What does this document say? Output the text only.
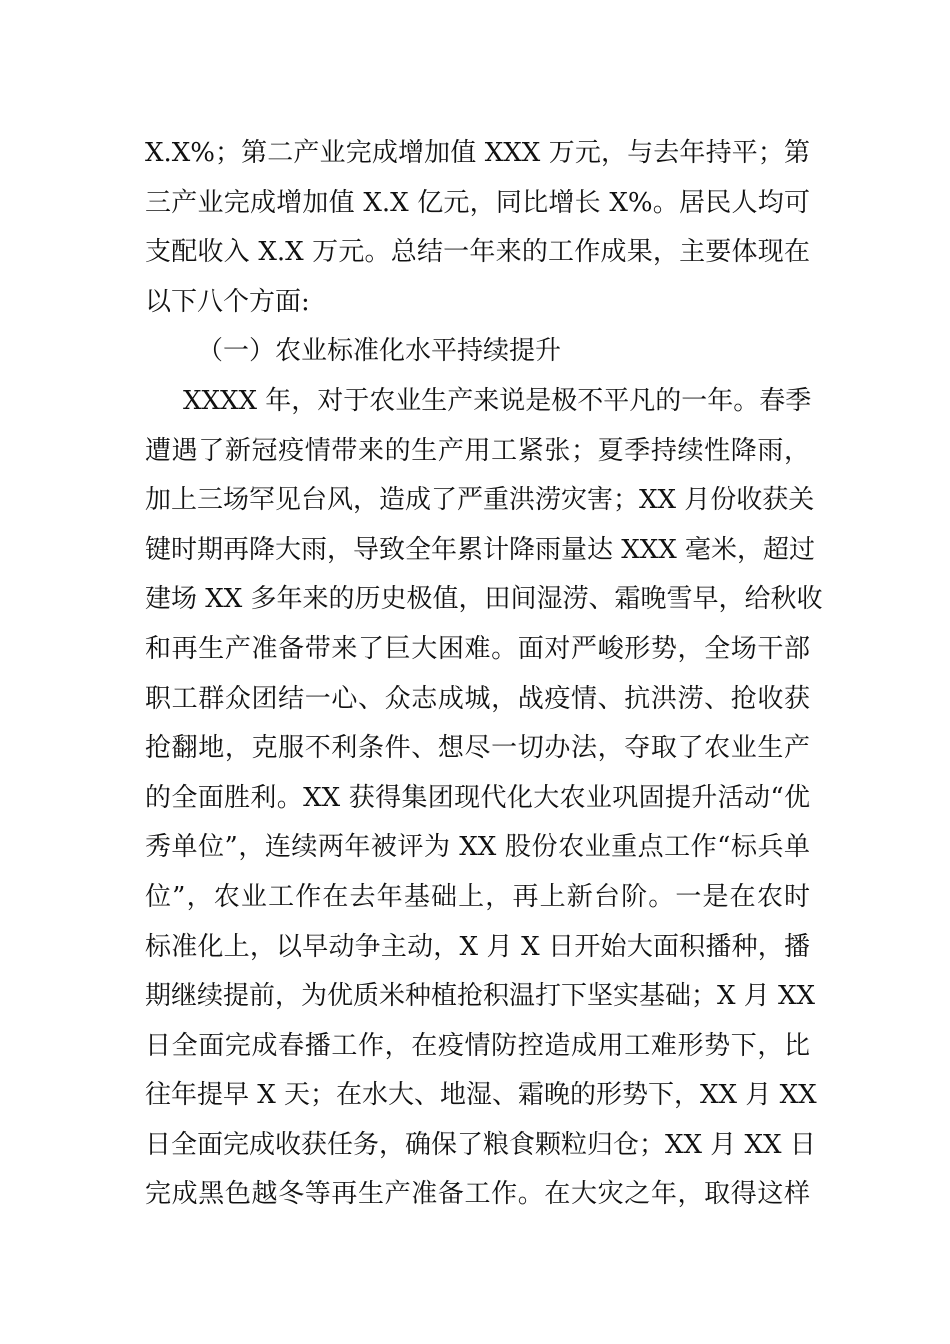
X.X%；第二产业完成增加值 XXX 万元，与去年持平；第
三产业完成增加值 X.X 亿元，同比增长 X%。居民人均可
支配收入 X.X 万元。总结一年来的工作成果，主要体现在
以下八个方面:
（一）农业标准化水平持续提升
XXXX 年，对于农业生产来说是极不平凡的一年。春季
遭遇了新冠疫情带来的生产用工紧张；夏季持续性降雨，
加上三场罕见台风，造成了严重洪涝灾害；XX 月份收获关
键时期再降大雨，导致全年累计降雨量达 XXX 毫米，超过
建场 XX 多年来的历史极值，田间湿涝、霜晚雪早，给秋收
和再生产准备带来了巨大困难。面对严峻形势，全场干部
职工群众团结一心、众志成城，战疫情、抗洪涝、抢收获
抢翻地，克服不利条件、想尽一切办法，夺取了农业生产
的全面胜利。XX 获得集团现代化大农业巩固提升活动“优
秀单位”，连续两年被评为 XX 股份农业重点工作“标兵单
位”，农业工作在去年基础上，再上新台阶。一是在农时
标准化上，以早动争主动，X 月 X 日开始大面积播种，播
期继续提前，为优质米种植抢积温打下坚实基础；X 月 XX
日全面完成春播工作，在疫情防控造成用工难形势下，比
往年提早 X 天；在水大、地湿、霜晚的形势下，XX 月 XX
日全面完成收获任务，确保了粮食颗粒归仓；XX 月 XX 日
完成黑色越冬等再生产准备工作。在大灾之年，取得这样
